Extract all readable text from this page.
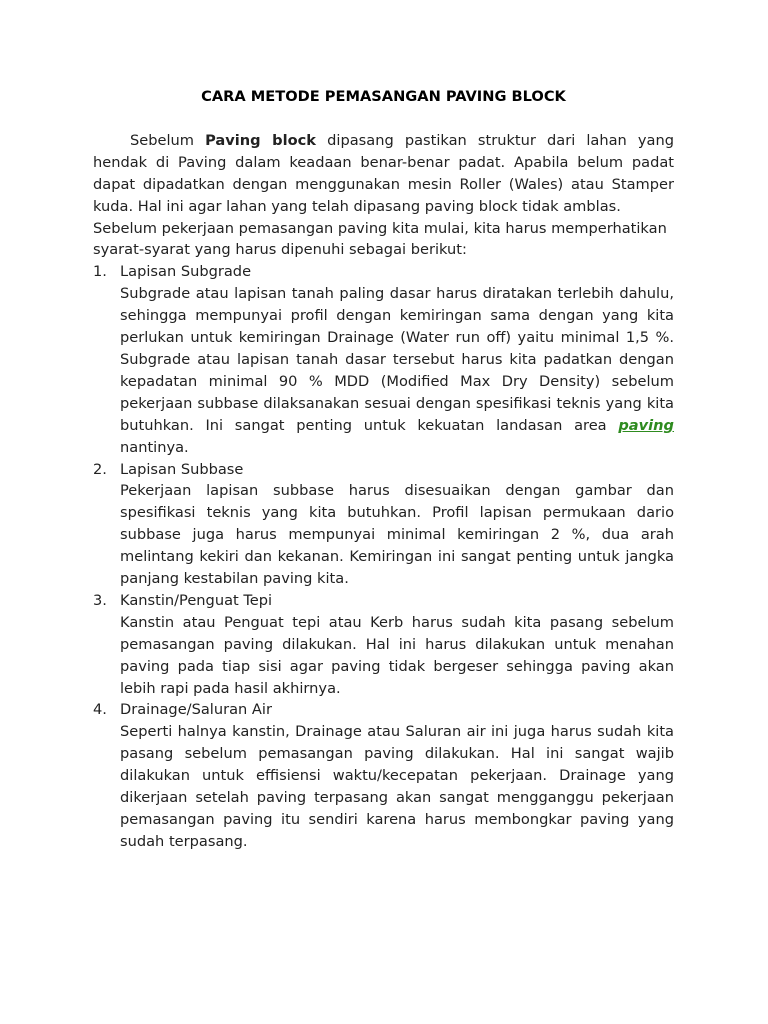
CARA METODE PEMASANGAN PAVING BLOCK

Sebelum Paving block dipasang pastikan struktur dari lahan yang hendak di Paving dalam keadaan benar-benar padat. Apabila belum padat dapat dipadatkan dengan menggunakan mesin Roller (Wales) atau Stamper kuda. Hal ini agar lahan yang telah dipasang paving block tidak amblas.

Sebelum pekerjaan pemasangan paving kita mulai, kita harus memperhatikan syarat-syarat yang harus dipenuhi sebagai berikut:

1. Lapisan Subgrade

Subgrade atau lapisan tanah paling dasar harus diratakan terlebih dahulu, sehingga mempunyai profil dengan kemiringan sama dengan yang kita perlukan untuk kemiringan Drainage (Water run off) yaitu minimal 1,5 %. Subgrade atau lapisan tanah dasar tersebut harus kita padatkan dengan kepadatan minimal 90 % MDD (Modified Max Dry Density) sebelum pekerjaan subbase dilaksanakan sesuai dengan spesifikasi teknis yang kita butuhkan. Ini sangat penting untuk kekuatan landasan area paving nantinya.

2. Lapisan Subbase

Pekerjaan lapisan subbase harus disesuaikan dengan gambar dan spesifikasi teknis yang kita butuhkan. Profil lapisan permukaan dario subbase juga harus mempunyai minimal kemiringan 2 %, dua arah melintang kekiri dan kekanan. Kemiringan ini sangat penting untuk jangka panjang kestabilan paving kita.

3. Kanstin/Penguat Tepi

Kanstin atau Penguat tepi atau Kerb harus sudah kita pasang sebelum pemasangan paving dilakukan. Hal ini harus dilakukan untuk menahan paving pada tiap sisi agar paving tidak bergeser sehingga paving akan lebih rapi pada hasil akhirnya.

4. Drainage/Saluran Air

Seperti halnya kanstin, Drainage atau Saluran air ini juga harus sudah kita pasang sebelum pemasangan paving dilakukan. Hal ini sangat wajib dilakukan untuk effisiensi waktu/kecepatan pekerjaan. Drainage yang dikerjaan setelah paving terpasang akan sangat mengganggu pekerjaan pemasangan paving itu sendiri karena harus membongkar paving yang sudah terpasang.
